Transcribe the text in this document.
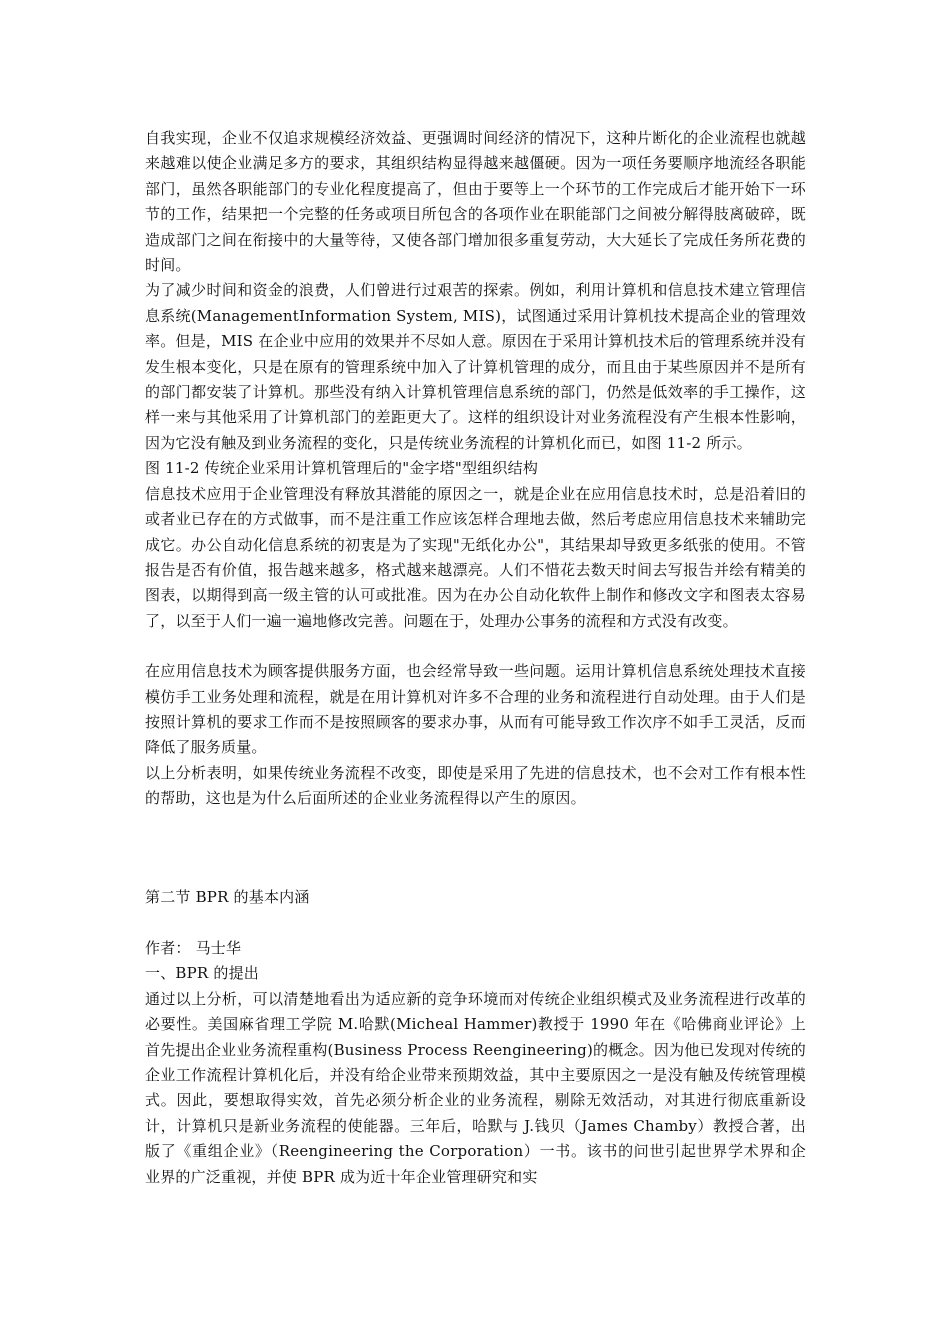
自我实现，企业不仅追求规模经济效益、更强调时间经济的情况下，这种片断化的企业流程也就越来越难以使企业满足多方的要求，其组织结构显得越来越僵硬。因为一项任务要顺序地流经各职能部门，虽然各职能部门的专业化程度提高了，但由于要等上一个环节的工作完成后才能开始下一环节的工作，结果把一个完整的任务或项目所包含的各项作业在职能部门之间被分解得肢离破碎，既造成部门之间在衔接中的大量等待，又使各部门增加很多重复劳动，大大延长了完成任务所花费的时间。

为了减少时间和资金的浪费，人们曾进行过艰苦的探索。例如，利用计算机和信息技术建立管理信息系统(ManagementInformation System, MIS)，试图通过采用计算机技术提高企业的管理效率。但是，MIS 在企业中应用的效果并不尽如人意。原因在于采用计算机技术后的管理系统并没有发生根本变化，只是在原有的管理系统中加入了计算机管理的成分，而且由于某些原因并不是所有的部门都安装了计算机。那些没有纳入计算机管理信息系统的部门，仍然是低效率的手工操作，这样一来与其他采用了计算机部门的差距更大了。这样的组织设计对业务流程没有产生根本性影响，因为它没有触及到业务流程的变化，只是传统业务流程的计算机化而已，如图 11-2 所示。

图 11-2 传统企业采用计算机管理后的"金字塔"型组织结构

信息技术应用于企业管理没有释放其潜能的原因之一，就是企业在应用信息技术时，总是沿着旧的或者业已存在的方式做事，而不是注重工作应该怎样合理地去做，然后考虑应用信息技术来辅助完成它。办公自动化信息系统的初衷是为了实现"无纸化办公"，其结果却导致更多纸张的使用。不管报告是否有价值，报告越来越多，格式越来越漂亮。人们不惜花去数天时间去写报告并绘有精美的图表，以期得到高一级主管的认可或批准。因为在办公自动化软件上制作和修改文字和图表太容易了，以至于人们一遍一遍地修改完善。问题在于，处理办公事务的流程和方式没有改变。

在应用信息技术为顾客提供服务方面，也会经常导致一些问题。运用计算机信息系统处理技术直接模仿手工业务处理和流程，就是在用计算机对许多不合理的业务和流程进行自动处理。由于人们是按照计算机的要求工作而不是按照顾客的要求办事，从而有可能导致工作次序不如手工灵活，反而降低了服务质量。

以上分析表明，如果传统业务流程不改变，即使是采用了先进的信息技术，也不会对工作有根本性的帮助，这也是为什么后面所述的企业业务流程得以产生的原因。

第二节 BPR 的基本内涵

作者： 马士华

一、BPR 的提出

通过以上分析，可以清楚地看出为适应新的竞争环境而对传统企业组织模式及业务流程进行改革的必要性。美国麻省理工学院 M.哈默(Micheal Hammer)教授于 1990 年在《哈佛商业评论》上首先提出企业业务流程重构(Business Process Reengineering)的概念。因为他已发现对传统的企业工作流程计算机化后，并没有给企业带来预期效益，其中主要原因之一是没有触及传统管理模式。因此，要想取得实效，首先必须分析企业的业务流程，剔除无效活动，对其进行彻底重新设计，计算机只是新业务流程的使能器。三年后，哈默与 J.钱贝（James Chamby）教授合著，出版了《重组企业》（Reengineering the Corporation）一书。该书的问世引起世界学术界和企业界的广泛重视，并使 BPR 成为近十年企业管理研究和实
